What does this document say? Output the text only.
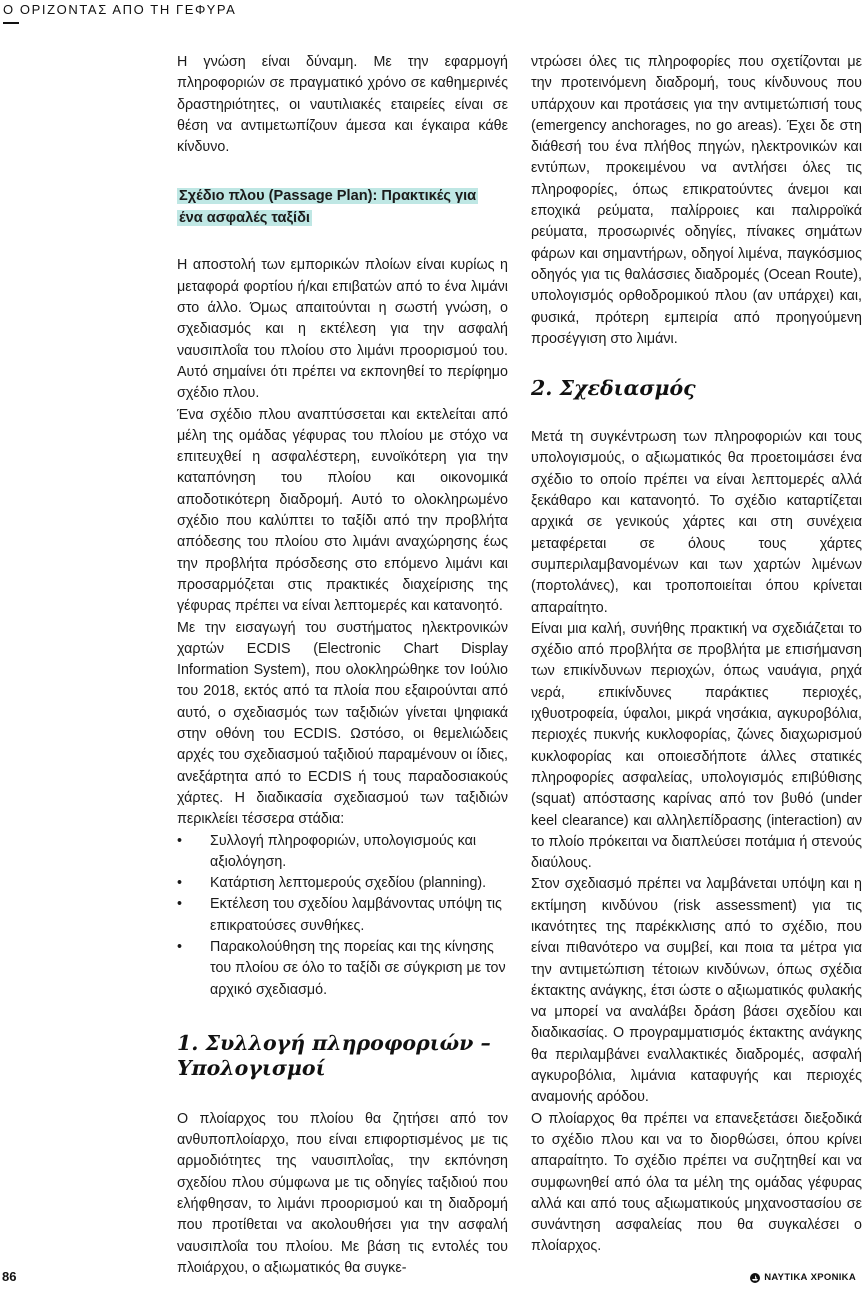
Ο ΟΡΙΖΟΝΤΑΣ ΑΠΟ ΤΗ ΓΕΦΥΡΑ

Η γνώση είναι δύναμη. Με την εφαρμογή πληροφοριών σε πραγματικό χρόνο σε καθημερινές δραστηριότητες, οι ναυτιλιακές εταιρείες είναι σε θέση να αντιμετωπίζουν άμεσα και έγκαιρα κάθε κίνδυνο.

Σχέδιο πλου (Passage Plan): Πρακτικές για ένα ασφαλές ταξίδι

Η αποστολή των εμπορικών πλοίων είναι κυρίως η μεταφορά φορτίου ή/και επιβατών από το ένα λιμάνι στο άλλο. Όμως απαιτούνται η σωστή γνώση, ο σχεδιασμός και η εκτέλεση για την ασφαλή ναυσιπλοΐα του πλοίου στο λιμάνι προορισμού του. Αυτό σημαίνει ότι πρέπει να εκπονηθεί το περίφημο σχέδιο πλου.

Ένα σχέδιο πλου αναπτύσσεται και εκτελείται από μέλη της ομάδας γέφυρας του πλοίου με στόχο να επιτευχθεί η ασφαλέστερη, ευνοϊκότερη για την καταπόνηση του πλοίου και οικονομικά αποδοτικότερη διαδρομή. Αυτό το ολοκληρωμένο σχέδιο που καλύπτει το ταξίδι από την προβλήτα απόδεσης του πλοίου στο λιμάνι αναχώρησης έως την προβλήτα πρόσδεσης στο επόμενο λιμάνι και προσαρμόζεται στις πρακτικές διαχείρισης της γέφυρας πρέπει να είναι λεπτομερές και κατανοητό.

Με την εισαγωγή του συστήματος ηλεκτρονικών χαρτών ECDIS (Electronic Chart Display Information System), που ολοκληρώθηκε τον Ιούλιο του 2018, εκτός από τα πλοία που εξαιρούνται από αυτό, ο σχεδιασμός των ταξιδιών γίνεται ψηφιακά στην οθόνη του ECDIS. Ωστόσο, οι θεμελιώδεις αρχές του σχεδιασμού ταξιδιού παραμένουν οι ίδιες, ανεξάρτητα από το ECDIS ή τους παραδοσιακούς χάρτες. Η διαδικασία σχεδιασμού των ταξιδιών περικλείει τέσσερα στάδια:

• Συλλογή πληροφοριών, υπολογισμούς και αξιολόγηση.
• Κατάρτιση λεπτομερούς σχεδίου (planning).
• Εκτέλεση του σχεδίου λαμβάνοντας υπόψη τις επικρατούσες συνθήκες.
• Παρακολούθηση της πορείας και της κίνησης του πλοίου σε όλο το ταξίδι σε σύγκριση με τον αρχικό σχεδιασμό.
1. Συλλογή πληροφοριών – Υπολογισμοί

Ο πλοίαρχος του πλοίου θα ζητήσει από τον ανθυποπλοίαρχο, που είναι επιφορτισμένος με τις αρμοδιότητες της ναυσιπλοΐας, την εκπόνηση σχεδίου πλου σύμφωνα με τις οδηγίες ταξιδιού που ελήφθησαν, το λιμάνι προορισμού και τη διαδρομή που προτίθεται να ακολουθήσει για την ασφαλή ναυσιπλοΐα του πλοίου. Με βάση τις εντολές του πλοιάρχου, ο αξιωματικός θα συγκε-

ντρώσει όλες τις πληροφορίες που σχετίζονται με την προτεινόμενη διαδρομή, τους κίνδυνους που υπάρχουν και προτάσεις για την αντιμετώπισή τους (emergency anchorages, no go areas). Έχει δε στη διάθεσή του ένα πλήθος πηγών, ηλεκτρονικών και εντύπων, προκειμένου να αντλήσει όλες τις πληροφορίες, όπως επικρατούντες άνεμοι και εποχικά ρεύματα, παλίρροιες και παλιρροϊκά ρεύματα, προσωρινές οδηγίες, πίνακες σημάτων φάρων και σημαντήρων, οδηγοί λιμένα, παγκόσμιος οδηγός για τις θαλάσσιες διαδρομές (Ocean Route), υπολογισμός ορθοδρομικού πλου (αν υπάρχει) και, φυσικά, πρότερη εμπειρία από προηγούμενη προσέγγιση στο λιμάνι.

2. Σχεδιασμός

Μετά τη συγκέντρωση των πληροφοριών και τους υπολογισμούς, ο αξιωματικός θα προετοιμάσει ένα σχέδιο το οποίο πρέπει να είναι λεπτομερές αλλά ξεκάθαρο και κατανοητό. Το σχέδιο καταρτίζεται αρχικά σε γενικούς χάρτες και στη συνέχεια μεταφέρεται σε όλους τους χάρτες συμπεριλαμβανομένων και των χαρτών λιμένων (πορτολάνες), και τροποποιείται όπου κρίνεται απαραίτητο.

Είναι μια καλή, συνήθης πρακτική να σχεδιάζεται το σχέδιο από προβλήτα σε προβλήτα με επισήμανση των επικίνδυνων περιοχών, όπως ναυάγια, ρηχά νερά, επικίνδυνες παράκτιες περιοχές, ιχθυοτροφεία, ύφαλοι, μικρά νησάκια, αγκυροβόλια, περιοχές πυκνής κυκλοφορίας, ζώνες διαχωρισμού κυκλοφορίας και οποιεσδήποτε άλλες στατικές πληροφορίες ασφαλείας, υπολογισμός επιβύθισης (squat) απόστασης καρίνας από τον βυθό (under keel clearance) και αλληλεπίδρασης (interaction) αν το πλοίο πρόκειται να διαπλεύσει ποτάμια ή στενούς διαύλους.

Στον σχεδιασμό πρέπει να λαμβάνεται υπόψη και η εκτίμηση κινδύνου (risk assessment) για τις ικανότητες της παρέκκλισης από το σχέδιο, που είναι πιθανότερο να συμβεί, και ποια τα μέτρα για την αντιμετώπιση τέτοιων κινδύνων, όπως σχέδια έκτακτης ανάγκης, έτσι ώστε ο αξιωματικός φυλακής να μπορεί να αναλάβει δράση βάσει σχεδίου και διαδικασίας. Ο προγραμματισμός έκτακτης ανάγκης θα περιλαμβάνει εναλλακτικές διαδρομές, ασφαλή αγκυροβόλια, λιμάνια καταφυγής και περιοχές αναμονής αρόδου.

Ο πλοίαρχος θα πρέπει να επανεξετάσει διεξοδικά το σχέδιο πλου και να το διορθώσει, όπου κρίνει απαραίτητο. Το σχέδιο πρέπει να συζητηθεί και να συμφωνηθεί από όλα τα μέλη της ομάδας γέφυρας αλλά και από τους αξιωματικούς μηχανοστασίου σε συνάντηση ασφαλείας που θα συγκαλέσει ο πλοίαρχος.

86	ΝΑΥΤΙΚΑ ΧΡΟΝΙΚΑ
